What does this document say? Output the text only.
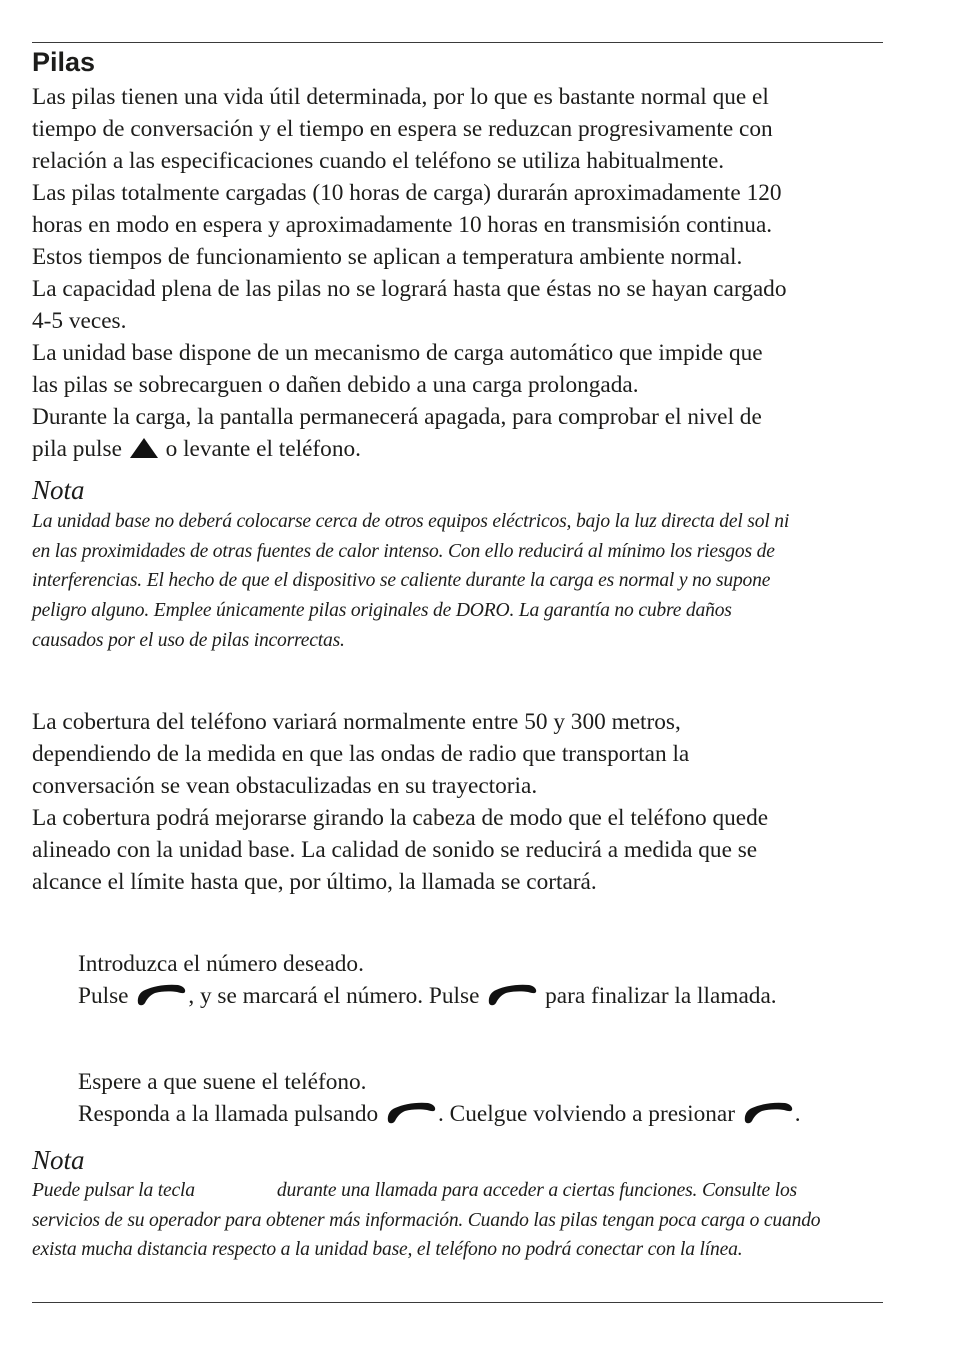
Pilas

Las pilas tienen una vida útil determinada, por lo que es bastante normal que el
tiempo de conversación y el tiempo en espera se reduzcan progresivamente con
relación a las especificaciones cuando el teléfono se utiliza habitualmente.
Las pilas totalmente cargadas (10 horas de carga) durarán aproximadamente 120
horas en modo en espera y aproximadamente 10 horas en transmisión continua.
Estos tiempos de funcionamiento se aplican a temperatura ambiente normal.
La capacidad plena de las pilas no se logrará hasta que éstas no se hayan cargado
4-5 veces.
La unidad base dispone de un mecanismo de carga automático que impide que
las pilas se sobrecarguen o dañen debido a una carga prolongada.
Durante la carga, la pantalla permanecerá apagada, para comprobar el nivel de
pila pulse  o levante el teléfono.

Nota

La unidad base no deberá colocarse cerca de otros equipos eléctricos, bajo la luz directa del sol ni
en las proximidades de otras fuentes de calor intenso. Con ello reducirá al mínimo los riesgos de
interferencias. El hecho de que el dispositivo se caliente durante la carga es normal y no supone
peligro alguno. Emplee únicamente pilas originales de DORO. La garantía no cubre daños
causados por el uso de pilas incorrectas.

La cobertura del teléfono variará normalmente entre 50 y 300 metros,
dependiendo de la medida en que las ondas de radio que transportan la
conversación se vean obstaculizadas en su trayectoria.
La cobertura podrá mejorarse girando la cabeza de modo que el teléfono quede
alineado con la unidad base. La calidad de sonido se reducirá a medida que se
alcance el límite hasta que, por último, la llamada se cortará.

Introduzca el número deseado.
Pulse , y se marcará el número. Pulse  para finalizar la llamada.

Espere a que suene el teléfono.
Responda a la llamada pulsando . Cuelgue volviendo a presionar .

Nota

Puede pulsar la tecla	durante una llamada para acceder a ciertas funciones. Consulte los
servicios de su operador para obtener más información. Cuando las pilas tengan poca carga o cuando
exista mucha distancia respecto a la unidad base, el teléfono no podrá conectar con la línea.
